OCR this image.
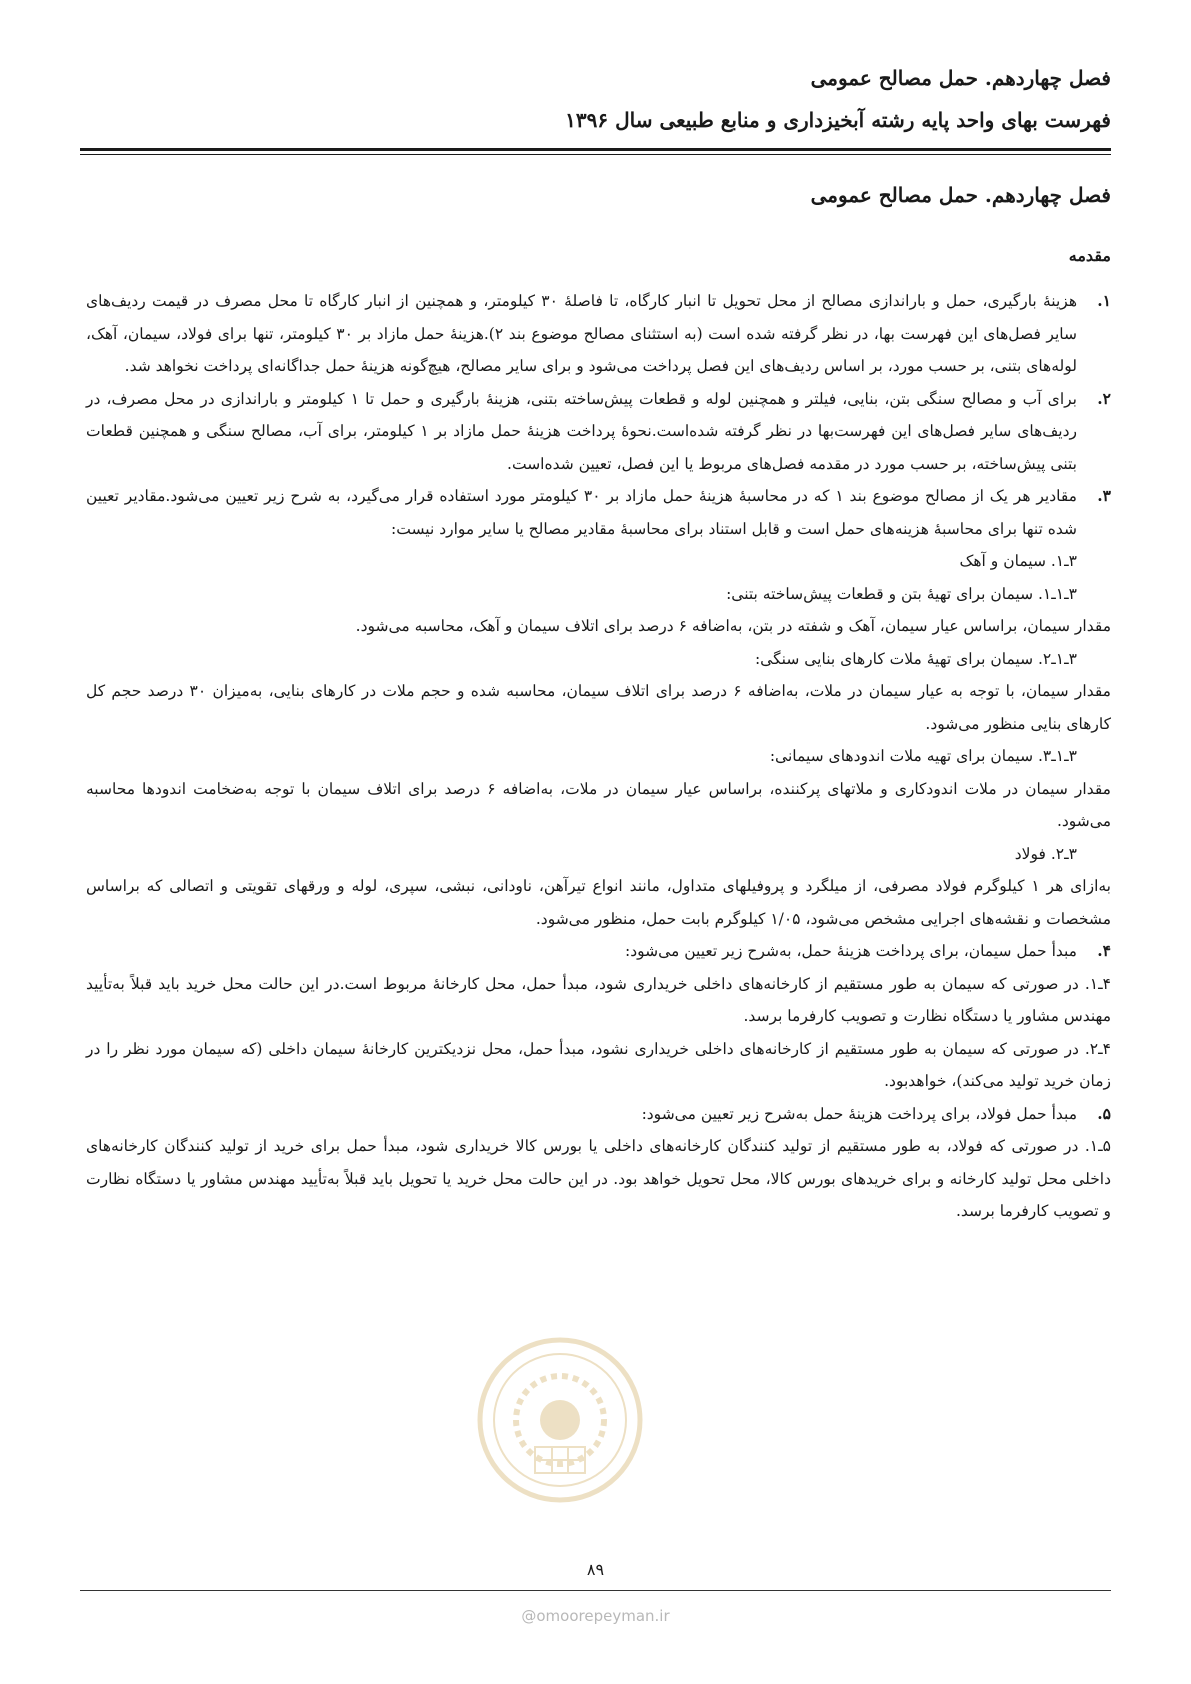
فصل چهاردهم. حمل مصالح عمومی

فهرست بهای واحد پایه رشته آبخیزداری و منابع طبیعی سال ۱۳۹۶

فصل چهاردهم. حمل مصالح عمومی

مقدمه

۱.
هزینهٔ بارگیری، حمل و باراندازی مصالح از محل تحویل تا انبار کارگاه، تا فاصلهٔ ۳۰ کیلومتر، و همچنین از انبار کارگاه تا محل مصرف در قیمت ردیف‌های سایر فصل‌های این فهرست بها، در نظر گرفته شده است (به استثنای مصالح موضوع بند ۲).هزینهٔ حمل مازاد بر ۳۰ کیلومتر، تنها برای فولاد، سیمان، آهک، لوله‌های بتنی، بر حسب مورد، بر اساس ردیف‌های این فصل پرداخت می‌شود و برای سایر مصالح، هیچ‌گونه هزینهٔ حمل جداگانه‌ای پرداخت نخواهد شد.
۲.
برای آب و مصالح سنگی بتن، بنایی، فیلتر و همچنین لوله و قطعات پیش‌ساخته بتنی، هزینهٔ بارگیری و حمل تا ۱ کیلومتر و باراندازی در محل مصرف، در ردیف‌های سایر فصل‌های این فهرست‌بها در نظر گرفته شده‌است.نحوهٔ پرداخت هزینهٔ حمل مازاد بر ۱ کیلومتر، برای آب، مصالح سنگی و همچنین قطعات بتنی پیش‌ساخته، بر حسب مورد در مقدمه فصل‌های مربوط یا این فصل، تعیین شده‌است.
۳.
مقادیر هر یک از مصالح موضوع بند ۱ که در محاسبهٔ هزینهٔ حمل مازاد بر ۳۰ کیلومتر مورد استفاده قرار می‌گیرد، به شرح زیر تعیین می‌شود.مقادیر تعیین شده تنها برای محاسبهٔ هزینه‌های حمل است و قابل استناد برای محاسبهٔ مقادیر مصالح یا سایر موارد نیست:

۳ـ۱. سیمان و آهک

۳ـ۱ـ۱. سیمان برای تهیهٔ بتن و قطعات پیش‌ساخته بتنی:

مقدار سیمان، براساس عیار سیمان، آهک و شفته در بتن، به‌اضافه ۶ درصد برای اتلاف سیمان و آهک، محاسبه می‌شود.

۳ـ۱ـ۲. سیمان برای تهیهٔ ملات کارهای بنایی سنگی:

مقدار سیمان، با توجه به عیار سیمان در ملات، به‌اضافه ۶ درصد برای اتلاف سیمان، محاسبه شده و حجم ملات در کارهای بنایی، به‌میزان ۳۰ درصد حجم کل کارهای بنایی منظور می‌شود.

۳ـ۱ـ۳. سیمان برای تهیه ملات اندودهای سیمانی:

مقدار سیمان در ملات اندودکاری و ملاتهای پرکننده، براساس عیار سیمان در ملات، به‌اضافه ۶ درصد برای اتلاف سیمان با توجه به‌ضخامت اندودها محاسبه می‌شود.

۳ـ۲. فولاد

به‌ازای هر ۱ کیلوگرم فولاد مصرفی، از میلگرد و پروفیلهای متداول، مانند انواع تیرآهن، ناودانی، نبشی، سپری، لوله و ورقهای تقویتی و اتصالی که براساس مشخصات و نقشه‌های اجرایی مشخص می‌شود، ۱/۰۵ کیلوگرم بابت حمل، منظور می‌شود.

۴.
مبدأ حمل سیمان، برای پرداخت هزینهٔ حمل، به‌شرح زیر تعیین می‌شود:

۴ـ۱. در صورتی که سیمان به طور مستقیم از کارخانه‌های داخلی خریداری شود، مبدأ حمل، محل کارخانهٔ مربوط است.در این حالت محل خرید باید قبلاً به‌تأیید مهندس مشاور یا دستگاه نظارت و تصویب کارفرما برسد.

۴ـ۲. در صورتی که سیمان به طور مستقیم از کارخانه‌های داخلی خریداری نشود، مبدأ حمل، محل نزدیکترین کارخانهٔ سیمان داخلی (که سیمان مورد نظر را در زمان خرید تولید می‌کند)، خواهدبود.

۵.
مبدأ حمل فولاد، برای پرداخت هزینهٔ حمل به‌شرح زیر تعیین می‌شود:

۵ـ۱. در صورتی که فولاد، به طور مستقیم از تولید کنندگان کارخانه‌های داخلی یا بورس کالا خریداری شود، مبدأ حمل برای خرید از تولید کنندگان کارخانه‌های داخلی محل تولید کارخانه و برای خریدهای بورس کالا، محل تحویل خواهد بود. در این حالت محل خرید یا تحویل باید قبلاً به‌تأیید مهندس مشاور یا دستگاه نظارت و تصویب کارفرما برسد.

۸۹

@omoorepeyman.ir
